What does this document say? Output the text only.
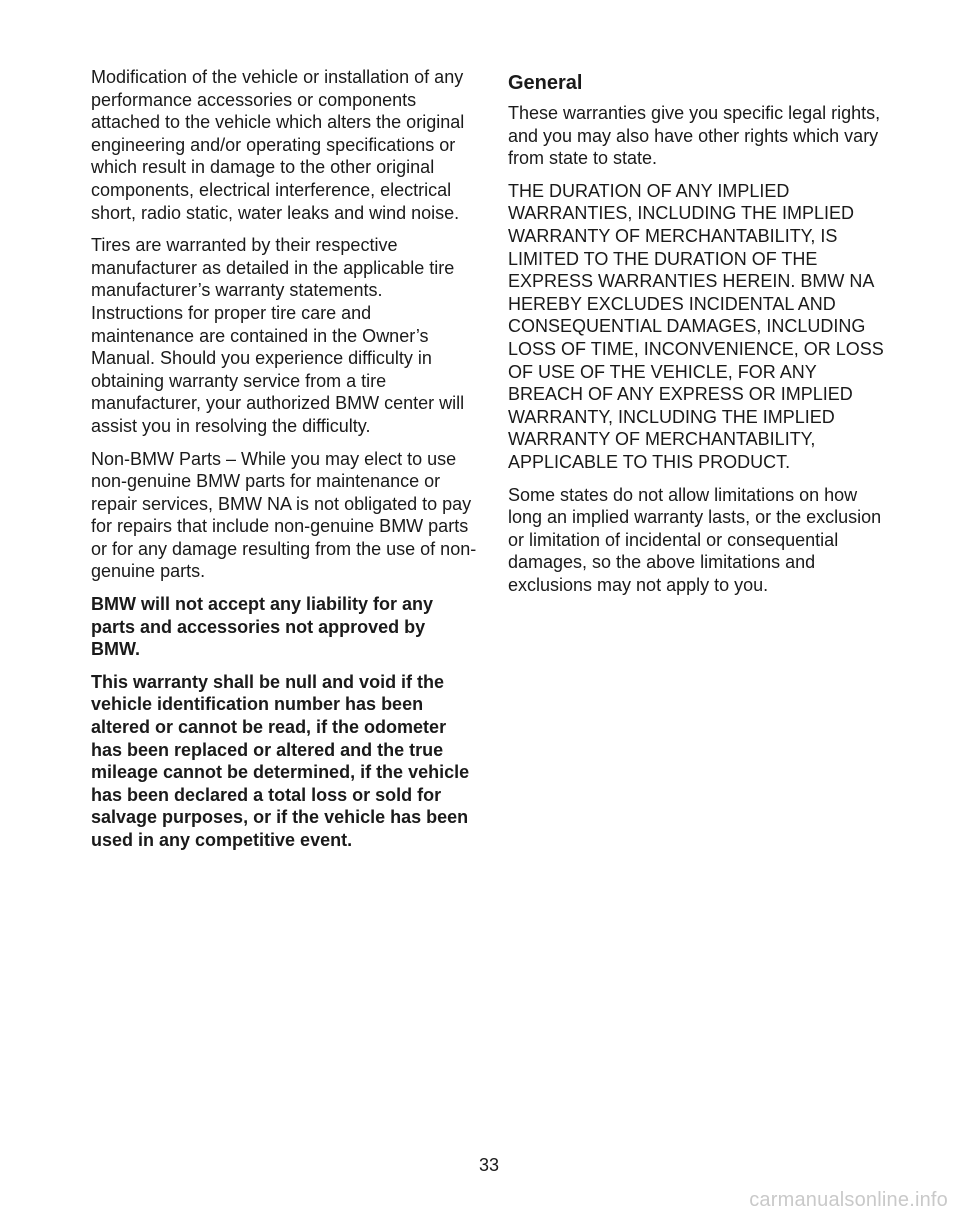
Modification of the vehicle or installation of any performance accessories or components attached to the vehicle which alters the original engineering and/or operating specifications or which result in damage to the other original components, electrical interference, electrical short, radio static, water leaks and wind noise.

Tires are warranted by their respective manufacturer as detailed in the applicable tire manufacturer’s warranty statements. Instructions for proper tire care and maintenance are contained in the Owner’s Manual. Should you experience difficulty in obtaining warranty service from a tire manufacturer, your authorized BMW center will assist you in resolving the difficulty.

Non-BMW Parts – While you may elect to use non-genuine BMW parts for maintenance or repair services, BMW NA is not obligated to pay for repairs that include non-genuine BMW parts or for any damage resulting from the use of non-genuine parts.

BMW will not accept any liability for any parts and accessories not approved by BMW.

This warranty shall be null and void if the vehicle identification number has been altered or cannot be read, if the odometer has been replaced or altered and the true mileage cannot be determined, if the vehicle has been declared a total loss or sold for salvage purposes, or if the vehicle has been used in any competitive event.

General

These warranties give you specific legal rights, and you may also have other rights which vary from state to state.

THE DURATION OF ANY IMPLIED WARRANTIES, INCLUDING THE IMPLIED WARRANTY OF MERCHANTABILITY, IS LIMITED TO THE DURATION OF THE EXPRESS WARRANTIES HEREIN. BMW NA HEREBY EXCLUDES INCIDENTAL AND CONSEQUENTIAL DAMAGES, INCLUDING LOSS OF TIME, INCONVENIENCE, OR LOSS OF USE OF THE VEHICLE, FOR ANY BREACH OF ANY EXPRESS OR IMPLIED WARRANTY, INCLUDING THE IMPLIED WARRANTY OF MERCHANTABILITY, APPLICABLE TO THIS PRODUCT.

Some states do not allow limitations on how long an implied warranty lasts, or the exclusion or limitation of incidental or consequential damages, so the above limitations and exclusions may not apply to you.

33
carmanualsonline.info
